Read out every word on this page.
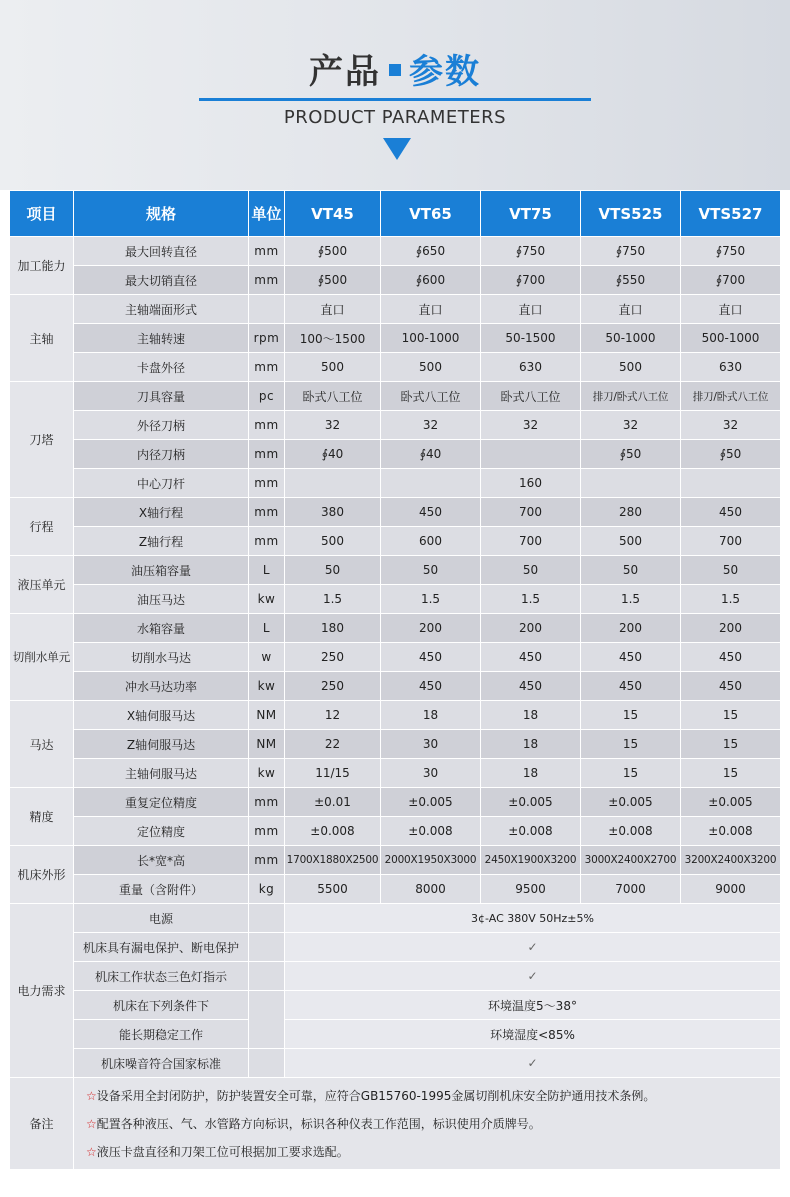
产品 参数
PRODUCT PARAMETERS
项目	规格	单位	VT45	VT65	VT75	VTS525	VTS527
加工能力	最大回转直径	mm	∮500	∮650	∮750	∮750	∮750
	最大切销直径	mm	∮500	∮600	∮700	∮550	∮700
主轴	主轴端面形式		直口	直口	直口	直口	直口
	主轴转速	rpm	100～1500	100-1000	50-1500	50-1000	500-1000
	卡盘外径	mm	500	500	630	500	630
刀塔	刀具容量	pc	卧式八工位	卧式八工位	卧式八工位	排刀/卧式八工位	排刀/卧式八工位
	外径刀柄	mm	32	32	32	32	32
	内径刀柄	mm	∮40	∮40		∮50	∮50
	中心刀杆	mm			160		
行程	X轴行程	mm	380	450	700	280	450
	Z轴行程	mm	500	600	700	500	700
液压单元	油压箱容量	L	50	50	50	50	50
	油压马达	kw	1.5	1.5	1.5	1.5	1.5
切削水单元	水箱容量	L	180	200	200	200	200
	切削水马达	w	250	450	450	450	450
	冲水马达功率	kw	250	450	450	450	450
马达	X轴伺服马达	NM	12	18	18	15	15
	Z轴伺服马达	NM	22	30	18	15	15
	主轴伺服马达	kw	11/15	30	18	15	15
精度	重复定位精度	mm	±0.01	±0.005	±0.005	±0.005	±0.005
	定位精度	mm	±0.008	±0.008	±0.008	±0.008	±0.008
机床外形	长*宽*高	mm	1700X1880X2500	2000X1950X3000	2450X1900X3200	3000X2400X2700	3200X2400X3200
	重量（含附件）	kg	5500	8000	9500	7000	9000
电力需求	电源		3¢-AC 380V 50Hz±5%				
	机床具有漏电保护、断电保护		✓				
	机床工作状态三色灯指示		✓				
	机床在下列条件下		环境温度5～38°				
	能长期稳定工作		环境湿度<85%				
	机床噪音符合国家标准		✓				
备注	☆设备采用全封闭防护，防护装置安全可靠，应符合GB15760-1995金属切削机床安全防护通用技术条例。
☆配置各种液压、气、水管路方向标识，标识各种仪表工作范围，标识使用介质牌号。
☆液压卡盘直径和刀架工位可根据加工要求选配。						
